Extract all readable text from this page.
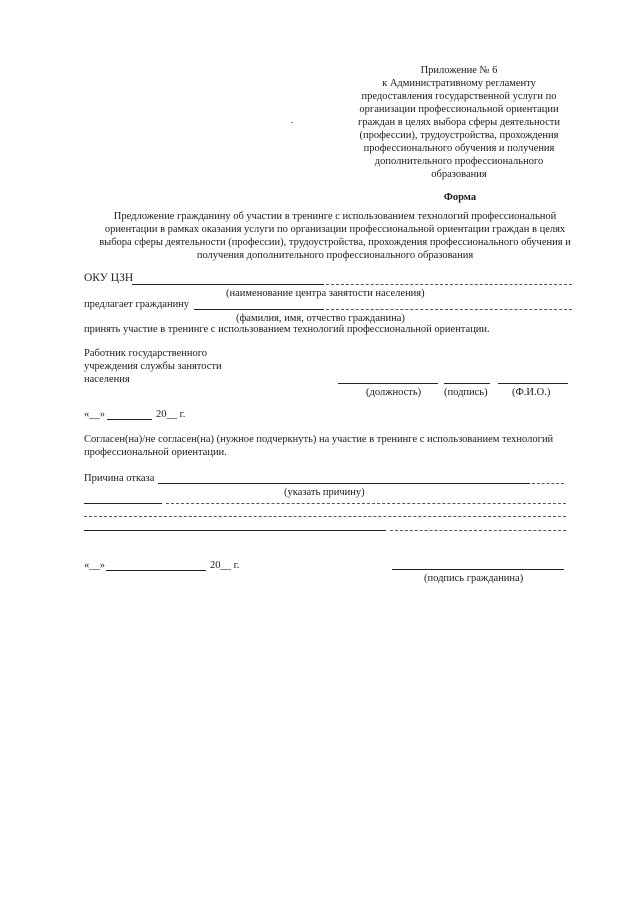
Приложение № 6
к Административному регламенту
предоставления государственной услуги по
организации профессиональной ориентации
граждан в целях выбора сферы деятельности
(профессии), трудоустройства, прохождения
профессионального обучения и получения
дополнительного профессионального
образования
Форма
Предложение гражданину об участии в тренинге с использованием технологий профессиональной
ориентации в рамках оказания услуги по организации профессиональной ориентации граждан в целях
выбора сферы деятельности (профессии), трудоустройства, прохождения профессионального обучения и
получения дополнительного профессионального образования
ОКУ ЦЗН
(наименование центра занятости населения)
предлагает гражданину
(фамилия, имя, отчество гражданина)
принять участие в тренинге с использованием технологий профессиональной ориентации.
Работник государственного
учреждения службы занятости
населения
(должность) (подпись) (Ф.И.О.)
«__»	20__ г.
Согласен(на)/не согласен(на) (нужное подчеркнуть) на участие в тренинге с использованием технологий
профессиональной ориентации.
Причина отказа
(указать причину)
«__»	20__ г.
(подпись гражданина)
